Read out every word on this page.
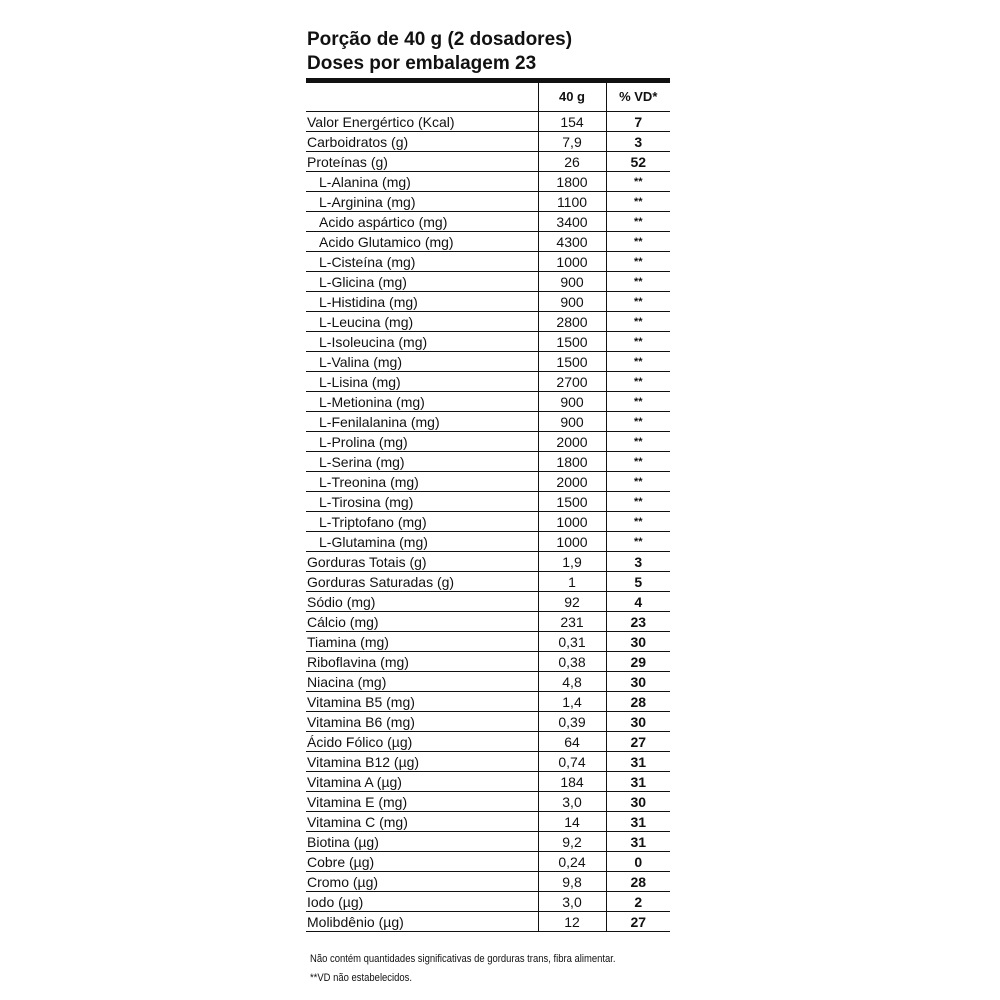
Porção de 40 g (2 dosadores)

Doses por embalagem 23

	40 g	% VD*
Valor Energértico (Kcal)	154	7
Carboidratos (g)	7,9	3
Proteínas (g)	26	52
L-Alanina (mg)	1800	**
L-Arginina (mg)	1100	**
Acido aspártico (mg)	3400	**
Acido Glutamico (mg)	4300	**
L-Cisteína (mg)	1000	**
L-Glicina (mg)	900	**
L-Histidina (mg)	900	**
L-Leucina (mg)	2800	**
L-Isoleucina (mg)	1500	**
L-Valina (mg)	1500	**
L-Lisina (mg)	2700	**
L-Metionina (mg)	900	**
L-Fenilalanina (mg)	900	**
L-Prolina (mg)	2000	**
L-Serina (mg)	1800	**
L-Treonina (mg)	2000	**
L-Tirosina (mg)	1500	**
L-Triptofano (mg)	1000	**
L-Glutamina (mg)	1000	**
Gorduras Totais (g)	1,9	3
Gorduras Saturadas (g)	1	5
Sódio (mg)	92	4
Cálcio (mg)	231	23
Tiamina (mg)	0,31	30
Riboflavina (mg)	0,38	29
Niacina (mg)	4,8	30
Vitamina B5 (mg)	1,4	28
Vitamina B6 (mg)	0,39	30
Ácido Fólico (µg)	64	27
Vitamina B12 (µg)	0,74	31
Vitamina A (µg)	184	31
Vitamina E (mg)	3,0	30
Vitamina C (mg)	14	31
Biotina (µg)	9,2	31
Cobre (µg)	0,24	0
Cromo (µg)	9,8	28
Iodo (µg)	3,0	2
Molibdênio (µg)	12	27
Não contém quantidades significativas de gorduras trans, fibra alimentar.
**VD não estabelecidos.
